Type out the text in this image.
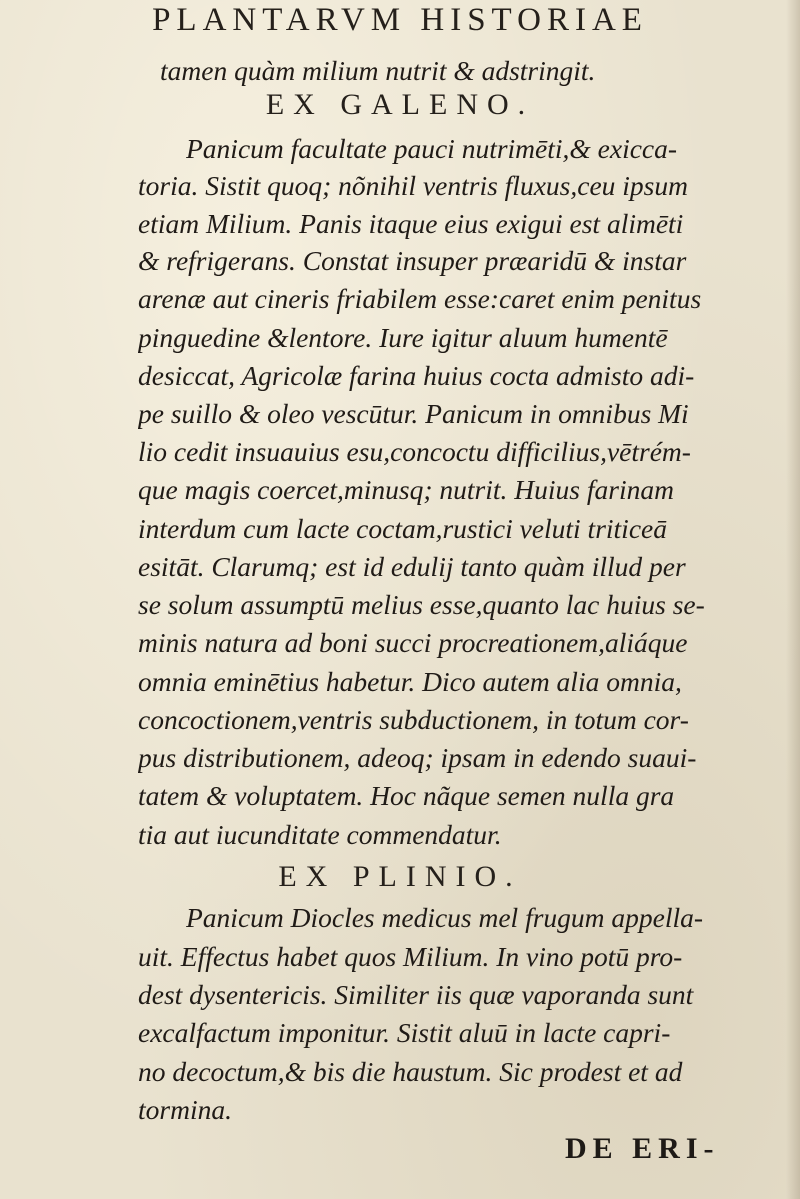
PLANTARVM HISTORIAE
tamen quàm milium nutrit & adstringit.
EX GALENO.
Panicum facultate pauci nutrimēti,& exicca-
toria. Sistit quoq; nõnihil ventris fluxus,ceu ipsum
etiam Milium. Panis itaque eius exigui est alimēti
& refrigerans. Constat insuper præaridū & instar
arenæ aut cineris friabilem esse:caret enim penitus
pinguedine &lentore. Iure igitur aluum humentē
desiccat, Agricolæ farina huius cocta admisto adi-
pe suillo & oleo vescūtur. Panicum in omnibus Mi
lio cedit insuauius esu,concoctu difficilius,vētrém-
que magis coercet,minusq; nutrit. Huius farinam
interdum cum lacte coctam,rustici veluti triticeā
esitāt. Clarumq; est id edulij tanto quàm illud per
se solum assumptū melius esse,quanto lac huius se-
minis natura ad boni succi procreationem,aliáque
omnia eminētius habetur. Dico autem alia omnia,
concoctionem,ventris subductionem, in totum cor-
pus distributionem, adeoq; ipsam in edendo suaui-
tatem & voluptatem. Hoc nãque semen nulla gra
tia aut iucunditate commendatur.
EX PLINIO.
Panicum Diocles medicus mel frugum appella-
uit. Effectus habet quos Milium. In vino potū pro-
dest dysentericis. Similiter iis quæ vaporanda sunt
excalfactum imponitur. Sistit aluū in lacte capri-
no decoctum,& bis die haustum. Sic prodest et ad
tormina.
DE ERI-
